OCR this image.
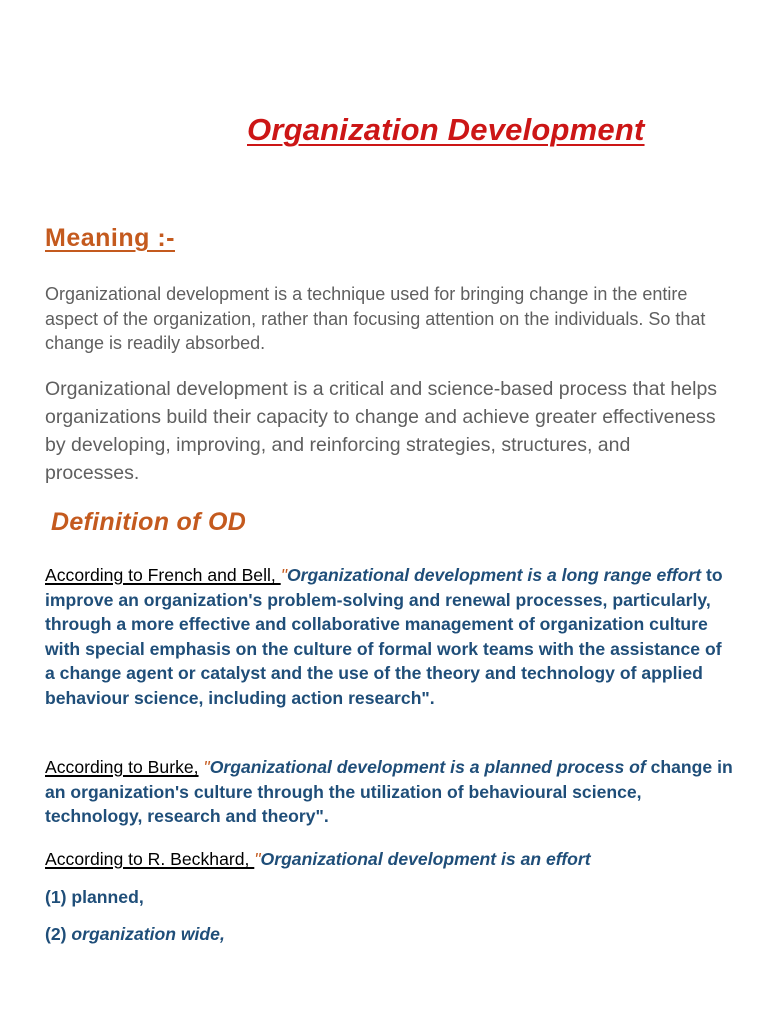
Organization Development
Meaning :-

Organizational development is a technique used for bringing change in the entire aspect of the organization, rather than focusing attention on the individuals. So that change is readily absorbed.

Organizational development is a critical and science-based process that helps organizations build their capacity to change and achieve greater effectiveness by developing, improving, and reinforcing strategies, structures, and processes.

Definition of OD

According to French and Bell, "Organizational development is a long range effort to improve an organization's problem-solving and renewal processes, particularly, through a more effective and collaborative management of organization culture with special emphasis on the culture of formal work teams with the assistance of a change agent or catalyst and the use of the theory and technology of applied behaviour science, including action research".

According to Burke, "Organizational development is a planned process of change in an organization's culture through the utilization of behavioural science, technology, research and theory".

According to R. Beckhard, "Organizational development is an effort

(1) planned,

(2) organization wide,
